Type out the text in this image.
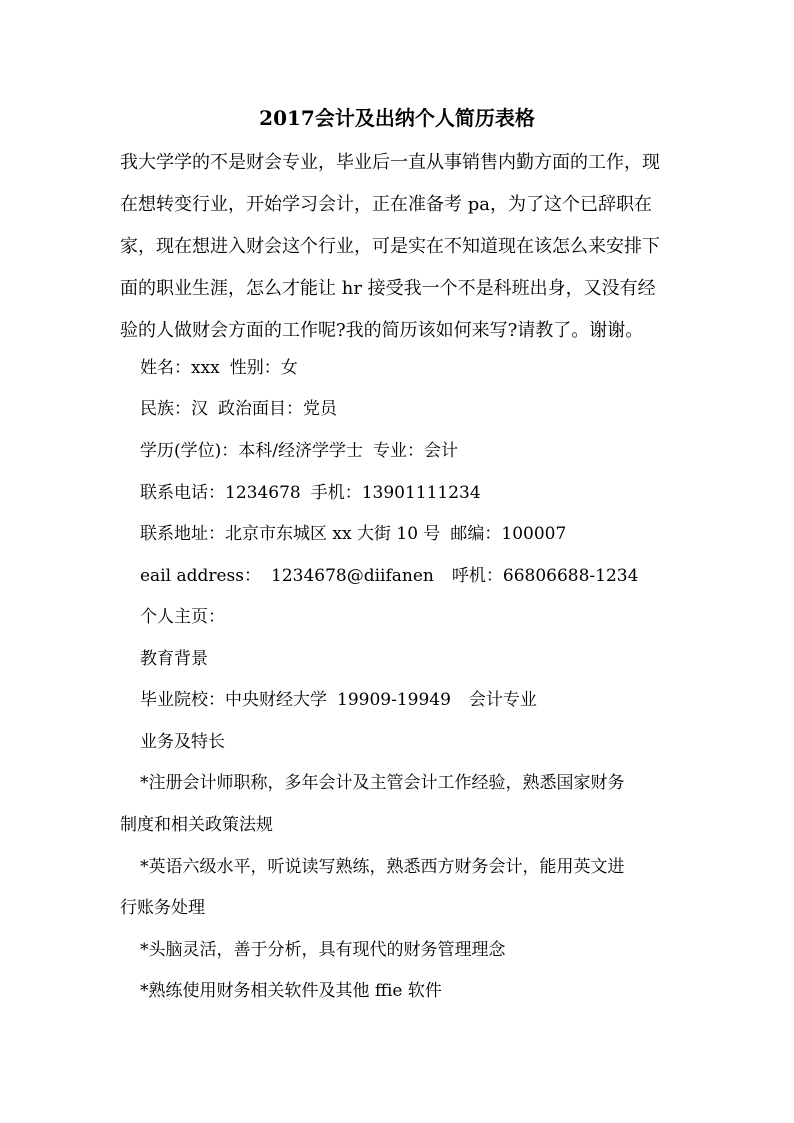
2017会计及出纳个人简历表格
我大学学的不是财会专业，毕业后一直从事销售内勤方面的工作，现
在想转变行业，开始学习会计，正在准备考 pa，为了这个已辞职在
家，现在想进入财会这个行业，可是实在不知道现在该怎么来安排下
面的职业生涯，怎么才能让 hr 接受我一个不是科班出身，又没有经
验的人做财会方面的工作呢?我的简历该如何来写?请教了。谢谢。
姓名：xxx 性别：女
民族：汉 政治面目：党员
学历(学位)：本科/经济学学士 专业：会计
联系电话：1234678 手机：13901111234
联系地址：北京市东城区 xx 大街 10 号 邮编：100007
eail address： 1234678@diifanen 呼机：66806688-1234
个人主页：
教育背景
毕业院校：中央财经大学 19909-19949 会计专业
业务及特长
*注册会计师职称，多年会计及主管会计工作经验，熟悉国家财务
制度和相关政策法规
*英语六级水平，听说读写熟练，熟悉西方财务会计，能用英文进
行账务处理
*头脑灵活，善于分析，具有现代的财务管理理念
*熟练使用财务相关软件及其他 ffie 软件
